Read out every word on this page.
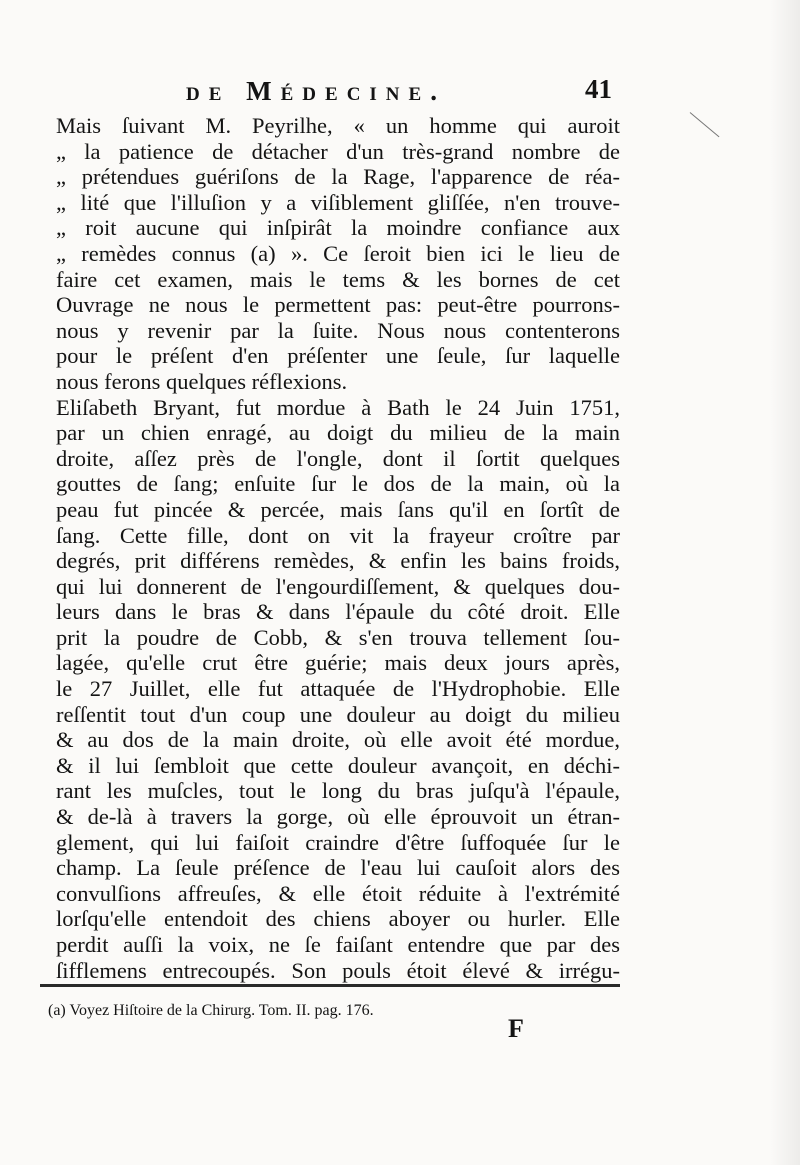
de Médecine.	41
Mais ſuivant M. Peyrilhe, « un homme qui auroit
„ la patience de détacher d'un très-grand nombre de
„ prétendues guériſons de la Rage, l'apparence de réa-
„ lité que l'illuſion y a viſiblement gliſſée, n'en trouve-
„ roit aucune qui inſpirât la moindre confiance aux
„ remèdes connus (a) ». Ce ſeroit bien ici le lieu de
faire cet examen, mais le tems & les bornes de cet
Ouvrage ne nous le permettent pas: peut-être pourrons-
nous y revenir par la ſuite. Nous nous contenterons
pour le préſent d'en préſenter une ſeule, ſur laquelle
nous ferons quelques réflexions.
Eliſabeth Bryant, fut mordue à Bath le 24 Juin 1751,
par un chien enragé, au doigt du milieu de la main
droite, aſſez près de l'ongle, dont il ſortit quelques
gouttes de ſang; enſuite ſur le dos de la main, où la
peau fut pincée & percée, mais ſans qu'il en ſortît de
ſang. Cette fille, dont on vit la frayeur croître par
degrés, prit différens remèdes, & enfin les bains froids,
qui lui donnerent de l'engourdiſſement, & quelques dou-
leurs dans le bras & dans l'épaule du côté droit. Elle
prit la poudre de Cobb, & s'en trouva tellement ſou-
lagée, qu'elle crut être guérie; mais deux jours après,
le 27 Juillet, elle fut attaquée de l'Hydrophobie. Elle
reſſentit tout d'un coup une douleur au doigt du milieu
& au dos de la main droite, où elle avoit été mordue,
& il lui ſembloit que cette douleur avançoit, en déchi-
rant les muſcles, tout le long du bras juſqu'à l'épaule,
& de-là à travers la gorge, où elle éprouvoit un étran-
glement, qui lui faiſoit craindre d'être ſuffoquée ſur le
champ. La ſeule préſence de l'eau lui cauſoit alors des
convulſions affreuſes, & elle étoit réduite à l'extrémité
lorſqu'elle entendoit des chiens aboyer ou hurler. Elle
perdit auſſi la voix, ne ſe faiſant entendre que par des
ſifflemens entrecoupés. Son pouls étoit élevé & irrégu-
(a) Voyez Hiſtoire de la Chirurg. Tom. II. pag. 176.
F
